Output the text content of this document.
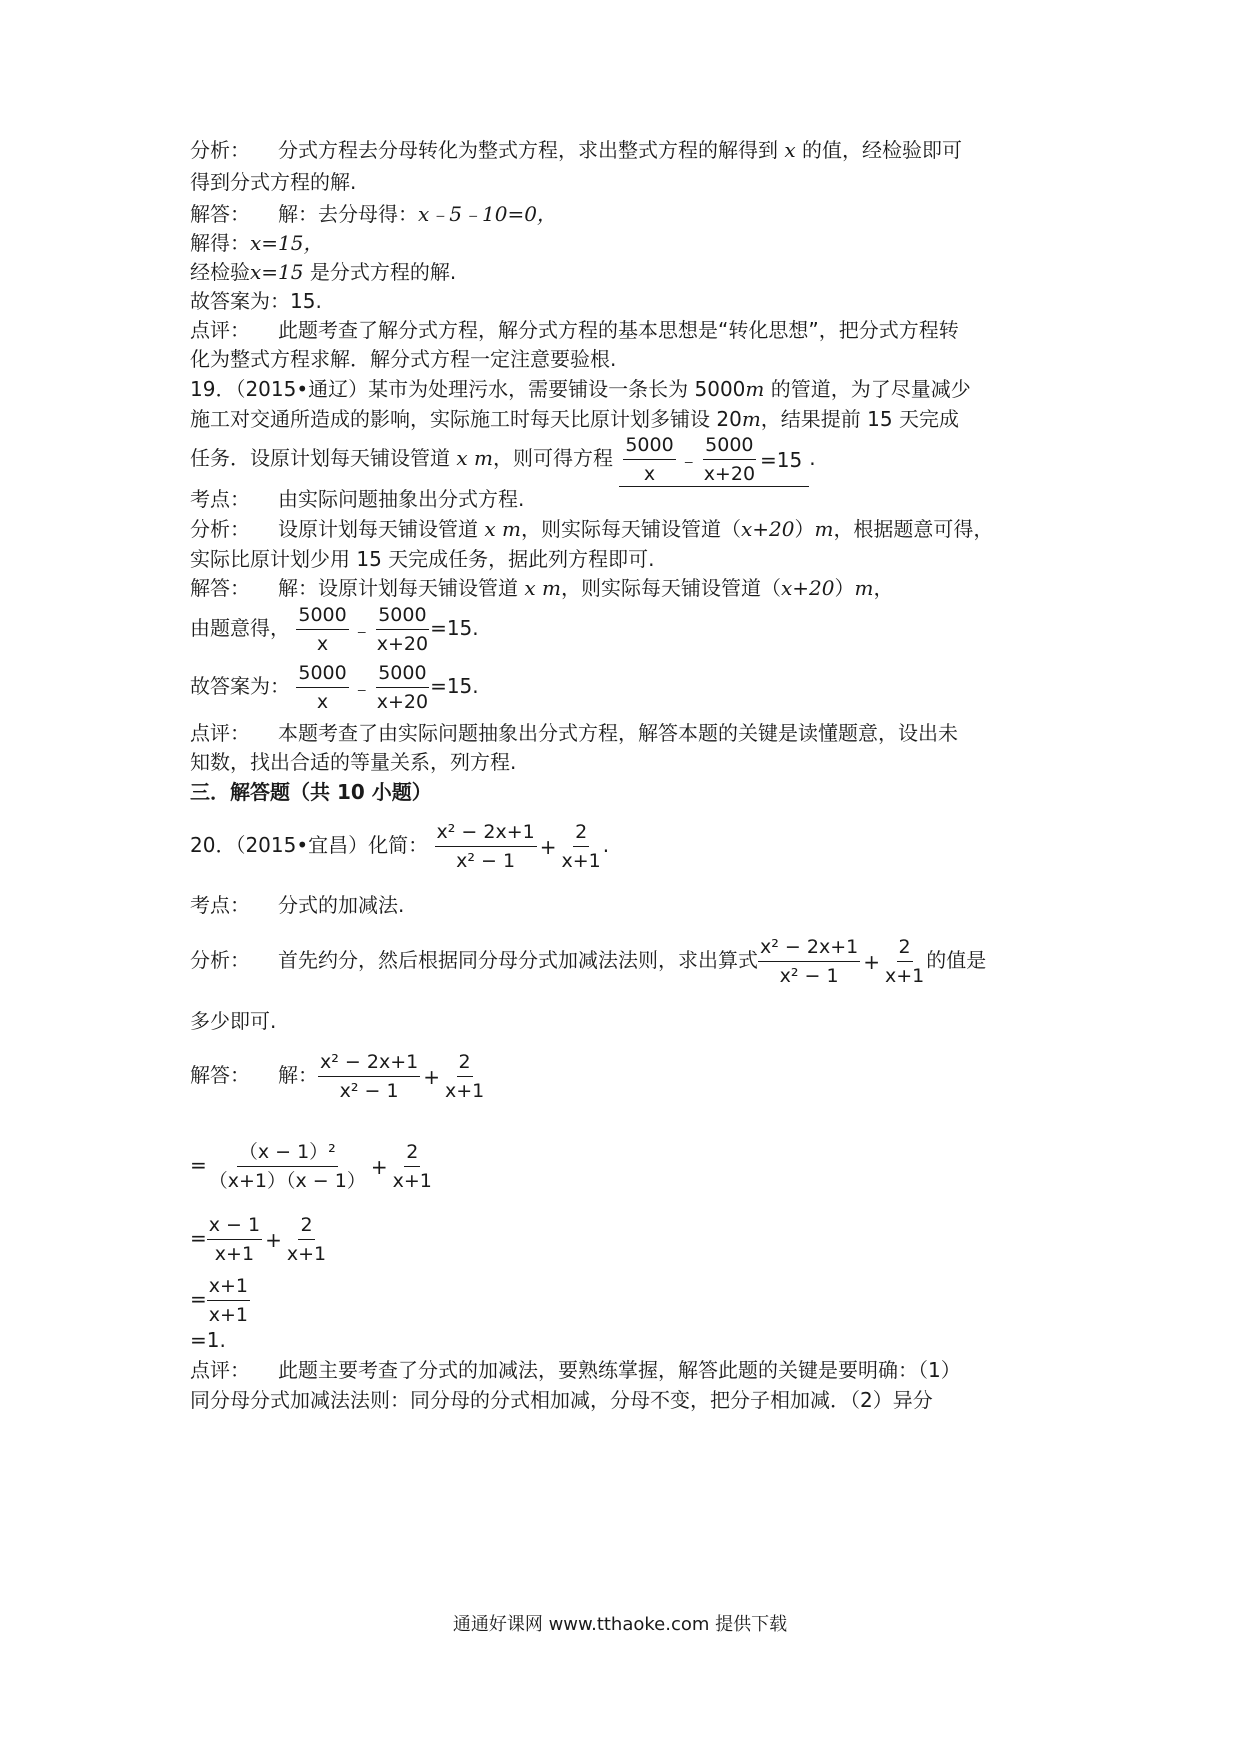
分析： 分式方程去分母转化为整式方程，求出整式方程的解得到 x 的值，经检验即可
得到分式方程的解.
解答： 解：去分母得：x﹣5﹣10=0，
解得：x=15，
经检验x=15 是分式方程的解.
故答案为：15.
点评： 此题考查了解分式方程，解分式方程的基本思想是“转化思想”，把分式方程转
化为整式方程求解．解分式方程一定注意要验根.
19．（2015•通辽）某市为处理污水，需要铺设一条长为 5000m 的管道，为了尽量减少
施工对交通所造成的影响，实际施工时每天比原计划多铺设 20m，结果提前 15 天完成
任务．设原计划每天铺设管道 x m，则可得方程 $\frac{5000}{x}$ ﹣ $\frac{5000}{x+20} =15$ .
考点： 由实际问题抽象出分式方程.
分析： 设原计划每天铺设管道 x m，则实际每天铺设管道（x+20）m，根据题意可得，
实际比原计划少用 15 天完成任务，据此列方程即可.
解答： 解：设原计划每天铺设管道 x m，则实际每天铺设管道（x+20）m，
由题意得， $\frac{5000}{x}$ ﹣ $\frac{5000}{x+20} =15$.
故答案为： $\frac{5000}{x}$ ﹣ $\frac{5000}{x+20} =15$.
点评： 本题考查了由实际问题抽象出分式方程，解答本题的关键是读懂题意，设出未
知数，找出合适的等量关系，列方程.
三．解答题（共 10 小题）
20．（2015•宜昌）化简： $\frac{\text{x² − 2x+1}}{\text{x² − 1}} + \frac{2}{x+1}$ .
考点： 分式的加减法.
分析： 首先约分，然后根据同分母分式加减法法则，求出算式 $\frac{\text{x² − 2x+1}}{\text{x² − 1}} + \frac{2}{x+1}$ 的值是
多少即可.
解答： 解： $\frac{\text{x² − 2x+1}}{\text{x² − 1}} + \frac{2}{x+1}$
= $\frac{\text{（x − 1）²}}{(x+1)(x - 1)} + \frac{2}{x+1}$
= $\frac{x - 1}{x+1} + \frac{2}{x+1}$
= $\frac{x+1}{x+1}$
=1.
点评： 此题主要考查了分式的加减法，要熟练掌握，解答此题的关键是要明确：（1）
同分母分式加减法法则：同分母的分式相加减，分母不变，把分子相加减．（2）异分
通通好课网 www.tthaoke.com 提供下载
